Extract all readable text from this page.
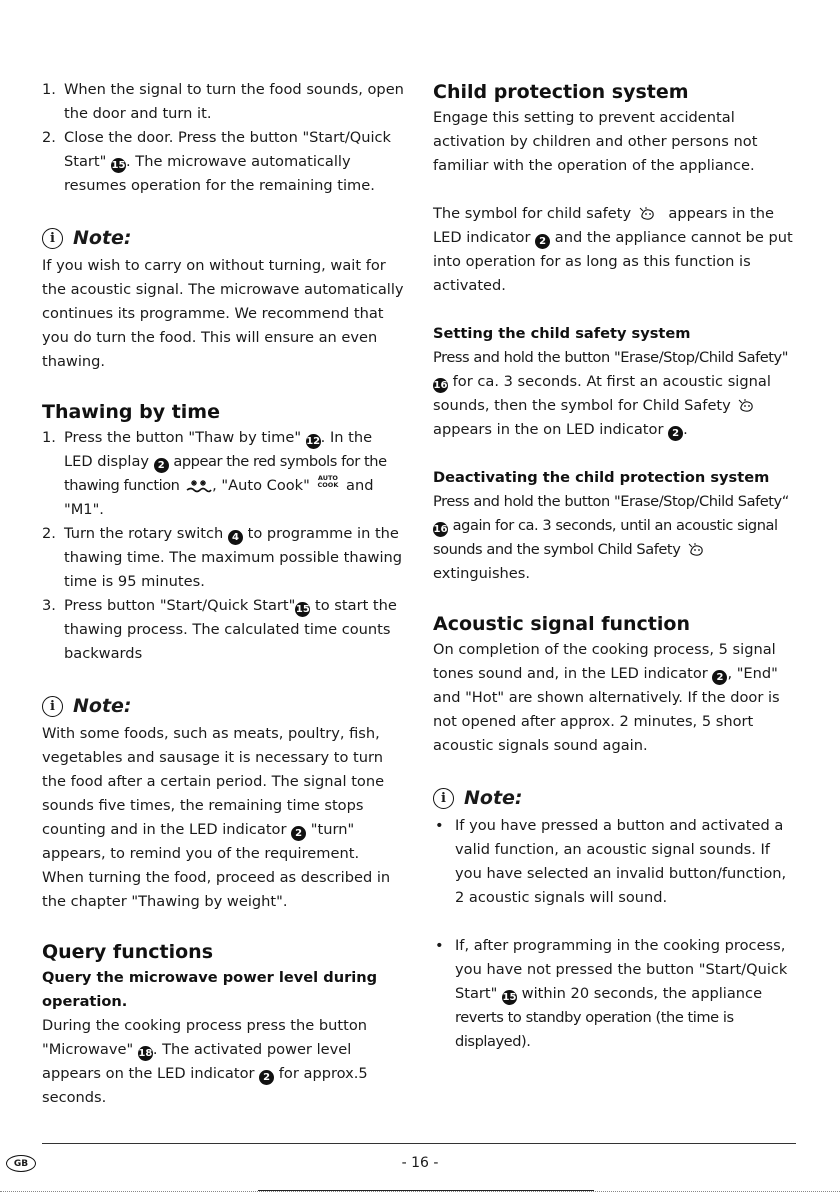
1. When the signal to turn the food sounds, open the door and turn it.
2. Close the door. Press the button "Start/Quick Start" 15. The microwave automatically resumes operation for the remaining time.
i Note:

If you wish to carry on without turning, wait for the acoustic signal. The microwave automatically continues its programme. We recommend that you do turn the food. This will ensure an even thawing.

Thawing by time
1. Press the button "Thaw by time" 12. In the LED display 2 appear the red symbols for the thawing function , "Auto Cook" AUTO
COOK and "M1".
2. Turn the rotary switch 4 to programme in the thawing time. The maximum possible thawing time is 95 minutes.
3. Press button "Start/Quick Start"15 to start the thawing process. The calculated time counts backwards
i Note:

With some foods, such as meats, poultry, fish, vegetables and sausage it is necessary to turn the food after a certain period. The signal tone sounds five times, the remaining time stops counting and in the LED indicator 2 "turn" appears, to remind you of the requirement. When turning the food, proceed as described in the chapter "Thawing by weight".

Query functions
Query the microwave power level during operation.

During the cooking process press the button "Microwave" 18. The activated power level appears on the LED indicator 2 for approx.5 seconds.

Child protection system

Engage this setting to prevent accidental activation by children and other persons not familiar with the operation of the appliance.

The symbol for child safety	appears in the LED indicator 2 and the appliance cannot be put into operation for as long as this function is activated.

Setting the child safety system

Press and hold the button "Erase/Stop/Child Safety" 16 for ca. 3 seconds. At first an acoustic signal sounds, then the symbol for Child Safety  appears in the on LED indicator 2 .

Deactivating the child protection system

Press and hold the button "Erase/Stop/Child Safety“ 16 again for ca. 3 seconds, until an acoustic signal sounds and the symbol Child Safety  extinguishes.

Acoustic signal function

On completion of the cooking process, 5 signal tones sound and, in the LED indicator 2 , "End" and "Hot" are shown alternatively. If the door is not opened after approx. 2 minutes, 5 short acoustic signals sound again.

i Note:
• If you have pressed a button and activated a valid function, an acoustic signal sounds. If you have selected an invalid button/function, 2 acoustic signals will sound.
• If, after programming in the cooking process, you have not pressed the button "Start/Quick Start" 15 within 20 seconds, the appliance reverts to standby operation (the time is displayed).
GB	- 16 -
